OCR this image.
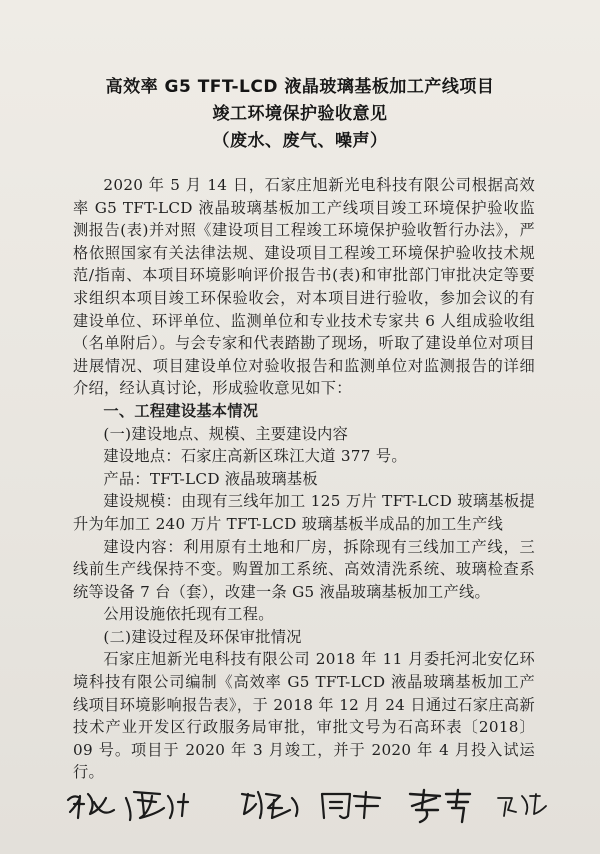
高效率 G5 TFT-LCD 液晶玻璃基板加工产线项目
竣工环境保护验收意见
（废水、废气、噪声）

2020 年 5 月 14 日，石家庄旭新光电科技有限公司根据高效率 G5 TFT-LCD 液晶玻璃基板加工产线项目竣工环境保护验收监测报告(表)并对照《建设项目工程竣工环境保护验收暂行办法》，严格依照国家有关法律法规、建设项目工程竣工环境保护验收技术规范/指南、本项目环境影响评价报告书(表)和审批部门审批决定等要求组织本项目竣工环保验收会，对本项目进行验收，参加会议的有建设单位、环评单位、监测单位和专业技术专家共 6 人组成验收组（名单附后）。与会专家和代表踏勘了现场，听取了建设单位对项目进展情况、项目建设单位对验收报告和监测单位对监测报告的详细介绍，经认真讨论，形成验收意见如下：

一、工程建设基本情况

(一)建设地点、规模、主要建设内容

建设地点：石家庄高新区珠江大道 377 号。

产品：TFT-LCD 液晶玻璃基板

建设规模：由现有三线年加工 125 万片 TFT-LCD 玻璃基板提升为年加工 240 万片 TFT-LCD 玻璃基板半成品的加工生产线

建设内容：利用原有土地和厂房，拆除现有三线加工产线，三线前生产线保持不变。购置加工系统、高效清洗系统、玻璃检查系统等设备 7 台（套），改建一条 G5 液晶玻璃基板加工产线。

公用设施依托现有工程。

(二)建设过程及环保审批情况

石家庄旭新光电科技有限公司 2018 年 11 月委托河北安亿环境科技有限公司编制《高效率 G5 TFT-LCD 液晶玻璃基板加工产线项目环境影响报告表》，于 2018 年 12 月 24 日通过石家庄高新技术产业开发区行政服务局审批，审批文号为石高环表〔2018〕09 号。项目于 2020 年 3 月竣工，并于 2020 年 4 月投入试运行。
